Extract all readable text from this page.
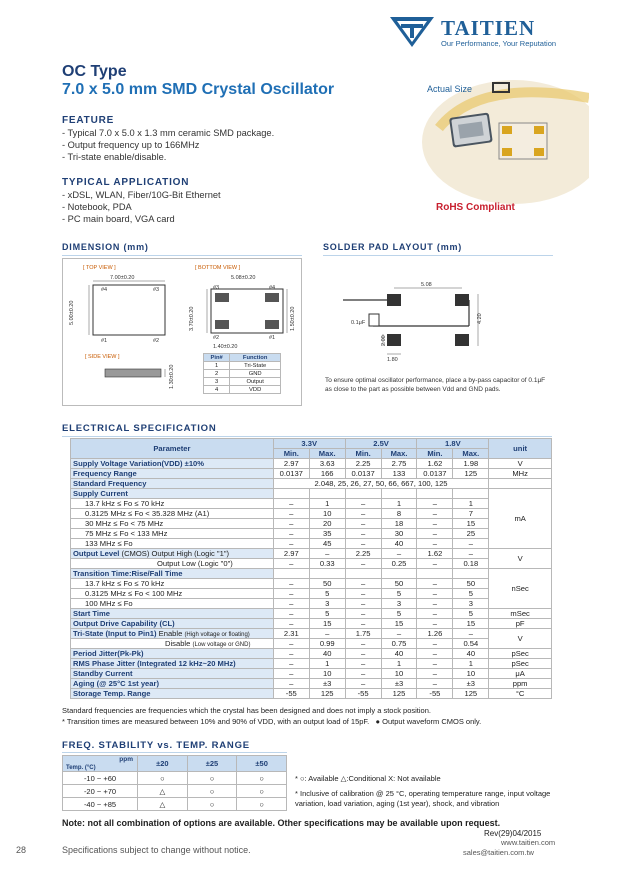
TAITIEN
Our Performance, Your Reputation
OC Type
7.0 x 5.0 mm SMD Crystal Oscillator
FEATURE
- Typical 7.0 x 5.0 x 1.3 mm ceramic SMD package.
- Output frequency up to 166MHz
- Tri-state enable/disable.
TYPICAL APPLICATION
- xDSL, WLAN, Fiber/10G-Bit Ethernet
- Notebook, PDA
- PC main board, VGA card
Actual Size
RoHS Compliant
DIMENSION (mm)	SOLDER PAD LAYOUT (mm)
[ TOP VIEW ]	[ BOTTOM VIEW ]
7.00±0.20	5.08±0.20
#4	#3
#1	#2
#3	#4
#2	#1
5.00±0.20	3.70±0.20	1.50±0.20
1.40±0.20
[ SIDE VIEW ]
1.30±0.20
Pin#	Function
1	Tri-State
2	GND
3	Output
4	VDD
5.08
4.20
2.00
1.80
0.1μF
To ensure optimal oscillator performance, place a by-pass capacitor of 0.1μF as close to the part as possible between Vdd and GND pads.
ELECTRICAL SPECIFICATION
Parameter	3.3V		2.5V		1.8V		unit
	Min.	Max.	Min.	Max.	Min.	Max.	
Supply Voltage Variation(VDD) ±10%	2.97	3.63	2.25	2.75	1.62	1.98	V
Frequency Range	0.0137	166	0.0137	133	0.0137	125	MHz
Standard Frequency	2.048, 25, 26, 27, 50, 66, 667, 100, 125						
Supply Current							mA
13.7 kHz ≤ Fo ≤ 70 kHz	–	1	–	1	–	1	
0.3125 MHz ≤ Fo < 35.328 MHz (A1)	–	10	–	8	–	7	
30 MHz ≤ Fo < 75 MHz	–	20	–	18	–	15	
75 MHz ≤ Fo < 133 MHz	–	35	–	30	–	25	
133 MHz ≤ Fo	–	45	–	40	–	–	
Output Level (CMOS) Output High (Logic "1")	2.97	–	2.25	–	1.62	–	V
Output Low (Logic "0")	–	0.33	–	0.25	–	0.18	
Transition Time:Rise/Fall Time							nSec
13.7 kHz ≤ Fo ≤ 70 kHz	–	50	–	50	–	50	
0.3125 MHz ≤ Fo < 100 MHz	–	5	–	5	–	5	
100 MHz ≤ Fo	–	3	–	3	–	3	
Start Time	–	5	–	5	–	5	mSec
Output Drive Capability (CL)	–	15	–	15	–	15	pF
Tri-State (Input to Pin1) Enable (High voltage or floating)	2.31	–	1.75	–	1.26	–	V
Disable (Low voltage or GND)	–	0.99	–	0.75	–	0.54	
Period Jitter(Pk-Pk)	–	40	–	40	–	40	pSec
RMS Phase Jitter (Integrated 12 kHz~20 MHz)	–	1	–	1	–	1	pSec
Standby Current	–	10	–	10	–	10	μA
Aging (@ 25°C 1st year)	–	±3	–	±3	–	±3	ppm
Storage Temp. Range	-55	125	-55	125	-55	125	°C
Standard frequencies are frequencies which the crystal has been designed and does not imply a stock position.
* Transition times are measured between 10% and 90% of VDD, with an output load of 15pF. ● Output waveform CMOS only.
FREQ. STABILITY vs. TEMP. RANGE
ppm
Temp. (°C)	±20	±25	±50
-10 ~ +60	○	○	○
-20 ~ +70	△	○	○
-40 ~ +85	△	○	○
* ○: Available △:Conditional X: Not available
* Inclusive of calibration @ 25 °C, operating temperature range, input voltage variation, load variation, aging (1st year), shock, and vibration
Note: not all combination of options are available. Other specifications may be available upon request.
Rev(29)04/2015
www.taitien.com
sales@taitien.com.tw
28	Specifications subject to change without notice.
